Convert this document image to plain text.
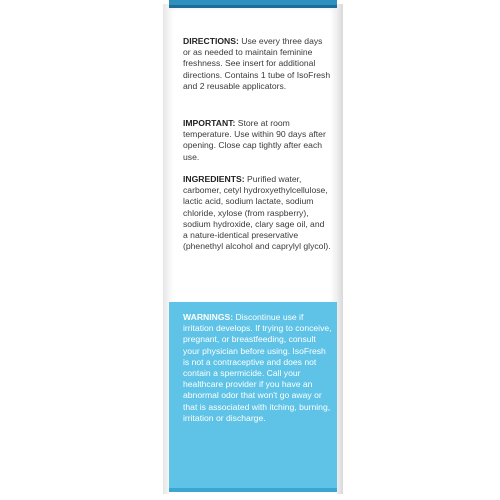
DIRECTIONS: Use every three days or as needed to maintain feminine freshness. See insert for additional directions. Contains 1 tube of IsoFresh and 2 reusable applicators.

IMPORTANT: Store at room temperature. Use within 90 days after opening. Close cap tightly after each use.

INGREDIENTS: Purified water, carbomer, cetyl hydroxyethylcellulose, lactic acid, sodium lactate, sodium chloride, xylose (from raspberry), sodium hydroxide, clary sage oil, and a nature-identical preservative (phenethyl alcohol and caprylyl glycol).

WARNINGS: Discontinue use if irritation develops. If trying to conceive, pregnant, or breastfeeding, consult your physician before using. IsoFresh is not a contraceptive and does not contain a spermicide. Call your healthcare provider if you have an abnormal odor that won't go away or that is associated with itching, burning, irritation or discharge.
